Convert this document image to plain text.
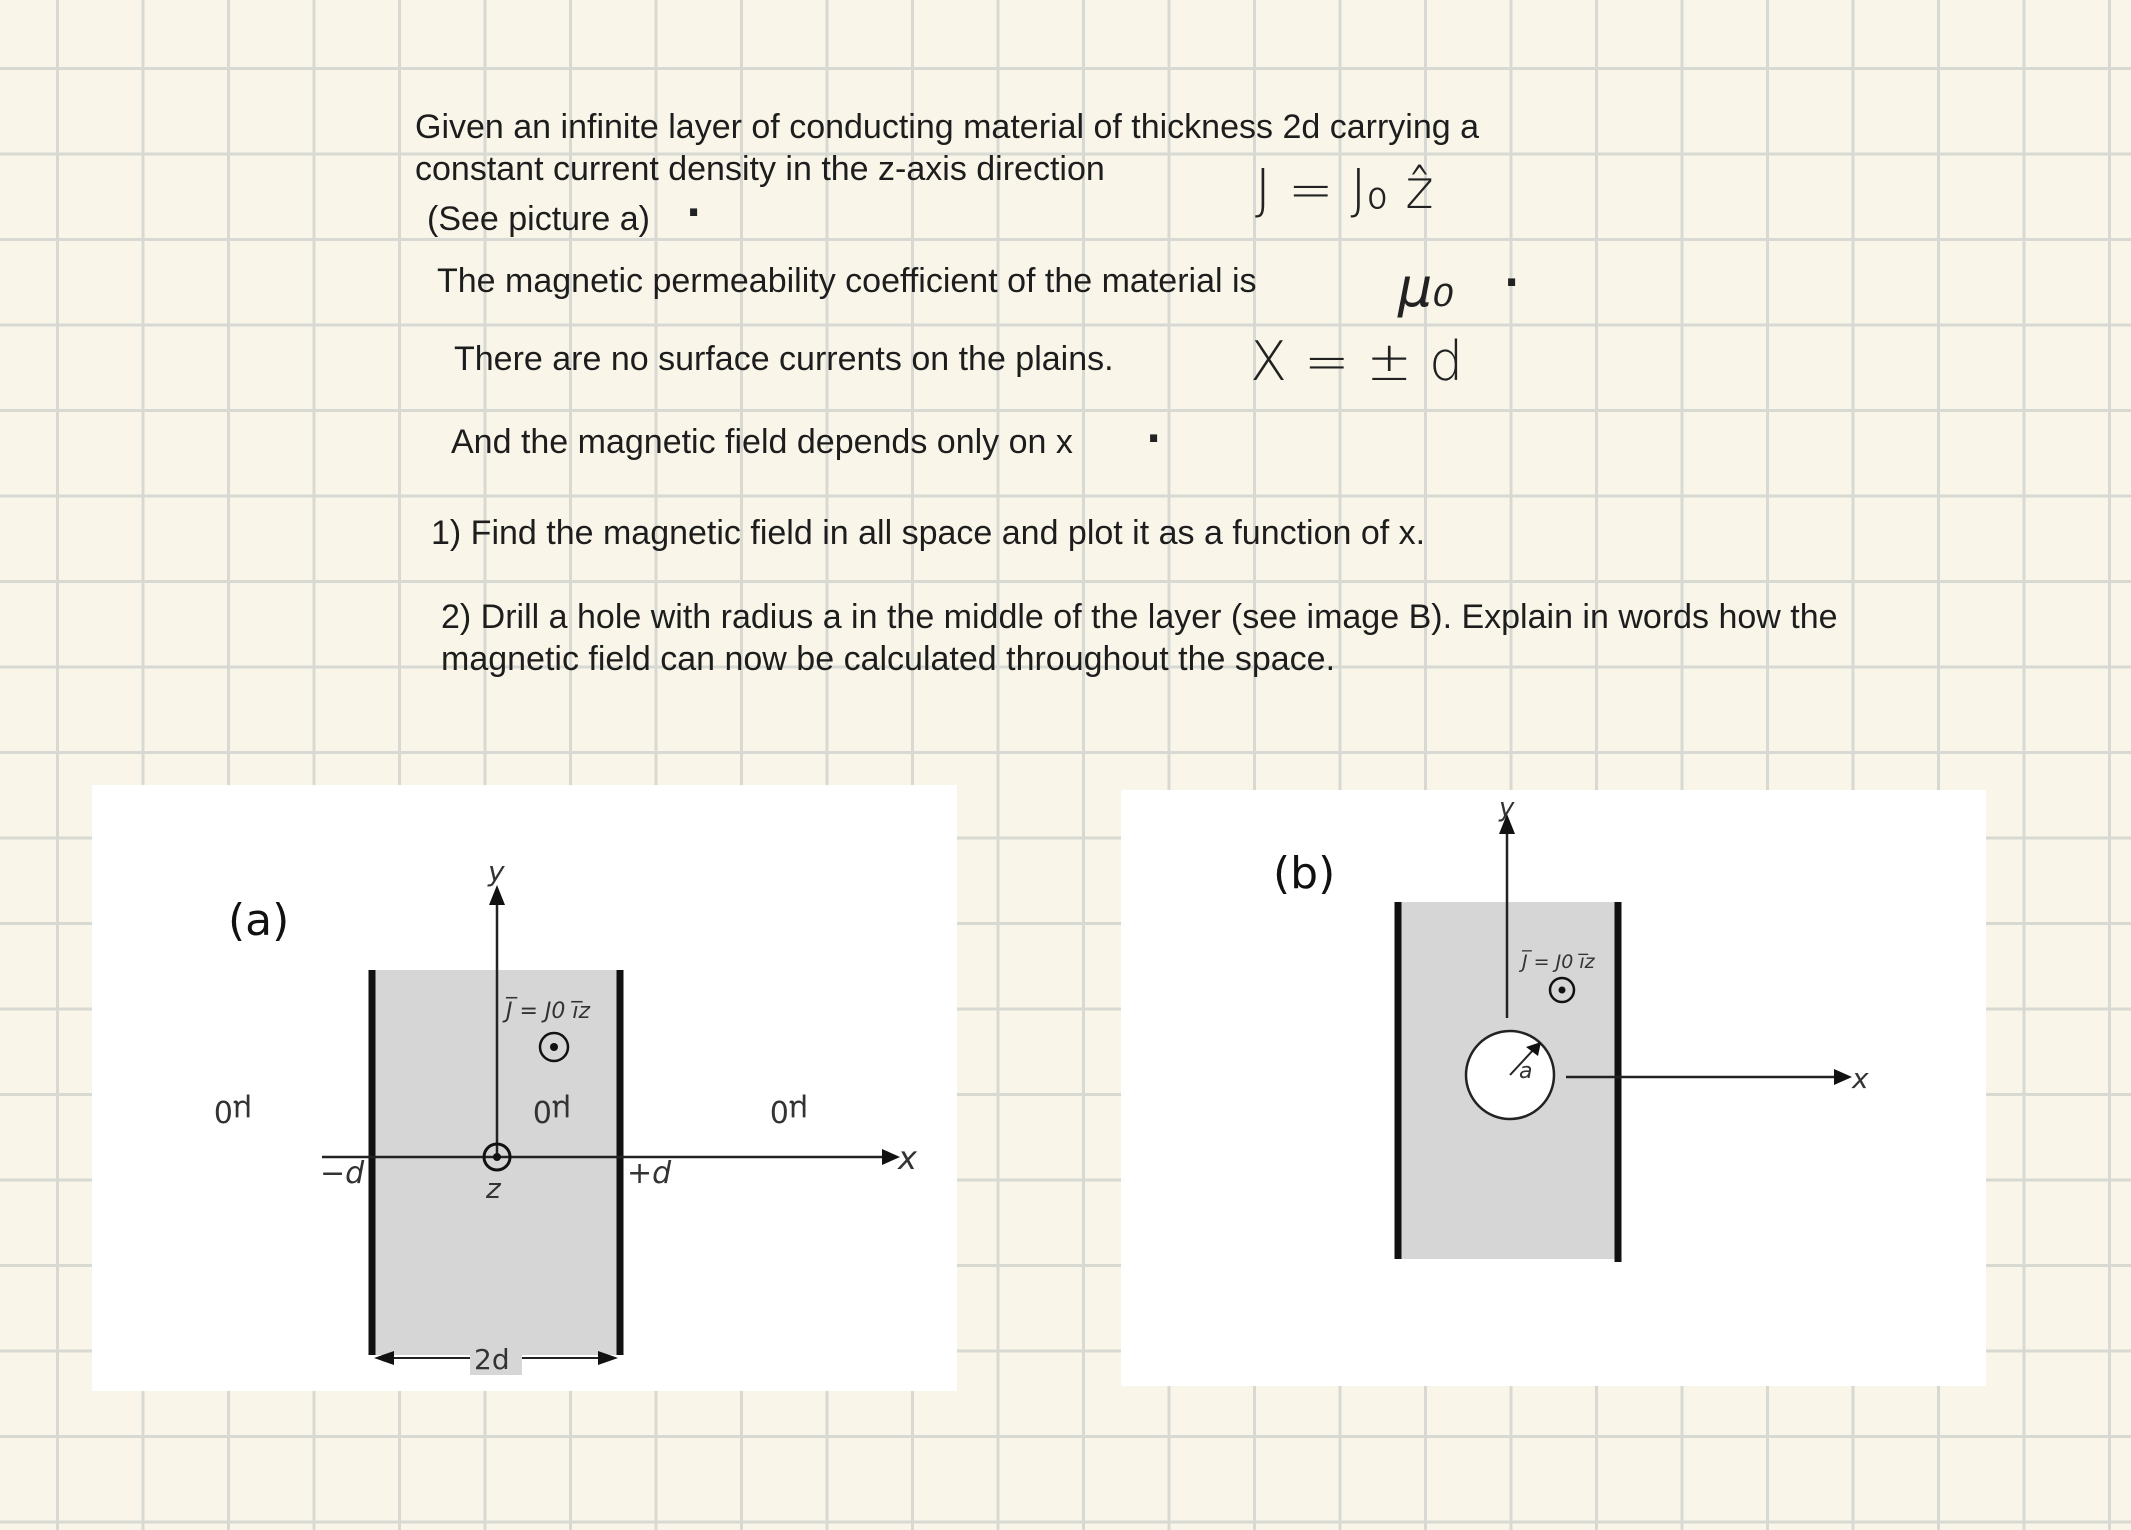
Given an infinite layer of conducting material of thickness 2d carrying a
constant current density in the z-axis direction
(See picture a)
The magnetic permeability coefficient of the material is
There are no surface currents on the plains.
And the magnetic field depends only on x
1) Find the magnetic field in all space and plot it as a function of x.
2) Drill a hole with radius a in the middle of the layer (see image B). Explain in words how the
magnetic field can now be calculated throughout the space.
J = J₀ ẑ
μ₀
X = ± d
.
.
.
y
x
z
μ0	μ0	μ0
−d	+d
2d
J̅ = J0 i̅z
(a)
y
x
a
J̅ = J0 i̅z
(b)
